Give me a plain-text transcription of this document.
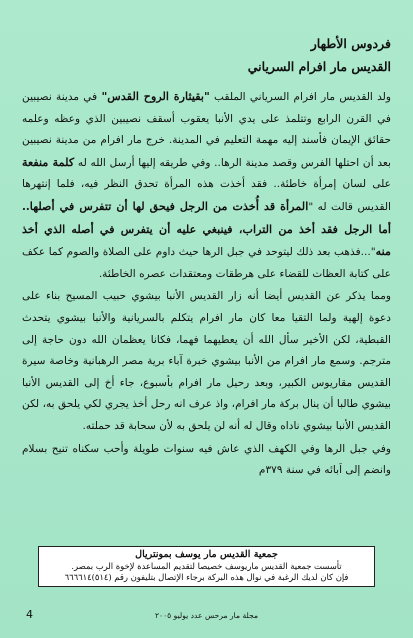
فردوس الأطهار
القديس مار افرام السرياني

ولد القديس مار افرام السرياني الملقب "بقيثارة الروح القدس" في مدينة نصيبين في القرن الرابع وتتلمذ على يدي الأنبا يعقوب أسقف نصيبين الذي وعظه وعلمه حقائق الإيمان فأسند إليه مهمة التعليم في المدينة. خرج مار افرام من مدينة نصيبين بعد أن احتلها الفرس وقصد مدينة الرها.. وفي طريقه إليها أرسل الله له كلمة منفعة على لسان إمرأة خاطئة.. فقد أخذت هذه المرأة تحدق النظر فيه، فلما إنتهرها القديس قالت له "المرأة قد أُخذت من الرجل فيحق لها أن تتفرس في أصلها.. أما الرجل فقد أخذ من التراب، فينبغي عليه أن يتفرس في أصله الذي أخذ منه"...فذهب بعد ذلك ليتوحد في جبل الرها حيث داوم على الصلاة والصوم كما عكف على كتابة العظات للقضاء على هرطقات ومعتقدات عصره الخاطئة.

ومما يذكر عن القديس أيضا أنه زار القديس الأنبا بيشوي حبيب المسيح بناء على دعوة إلهية ولما التقيا معا كان مار افرام يتكلم بالسريانية والأنبا بيشوي يتحدث القبطية، لكن الأخير سأل الله أن يعطيهما فهما، فكانا يعظمان الله دون حاجة إلى مترجم. وسمع مار افرام من الأنبا بيشوي خبرة آباء برية مصر الرهبانية وخاصة سيرة القديس مقاريوس الكبير، وبعد رحيل مار افرام بأسبوع، جاء أخ إلى القديس الأنبا بيشوي طالبا أن ينال بركة مار افرام، واذ عرف انه رحل أخذ يجري لكي يلحق به، لكن القديس الأنبا بيشوي ناداه وقال له أنه لن يلحق به لأن سحابة قد حملته.

وفي جبل الرها وفي الكهف الذي عاش فيه سنوات طويلة وأحب سكناه تنيح بسلام وانضم إلى اَبائه في سنة ٣٧٩م

جمعية القديس مار يوسف بمونتريال
تأسست جمعية القديس ماريوسف خصيصا لتقديم المساعدة لإخوة الرب بمصر.
فإن كان لديك الرغبة في نوال هذه البركة برجاء الإتصال بتليفون رقم (٥١٤)٦٦٦٦١٤
4	مجلة مار مرحس عدد يوليو ٢٠٠٥
